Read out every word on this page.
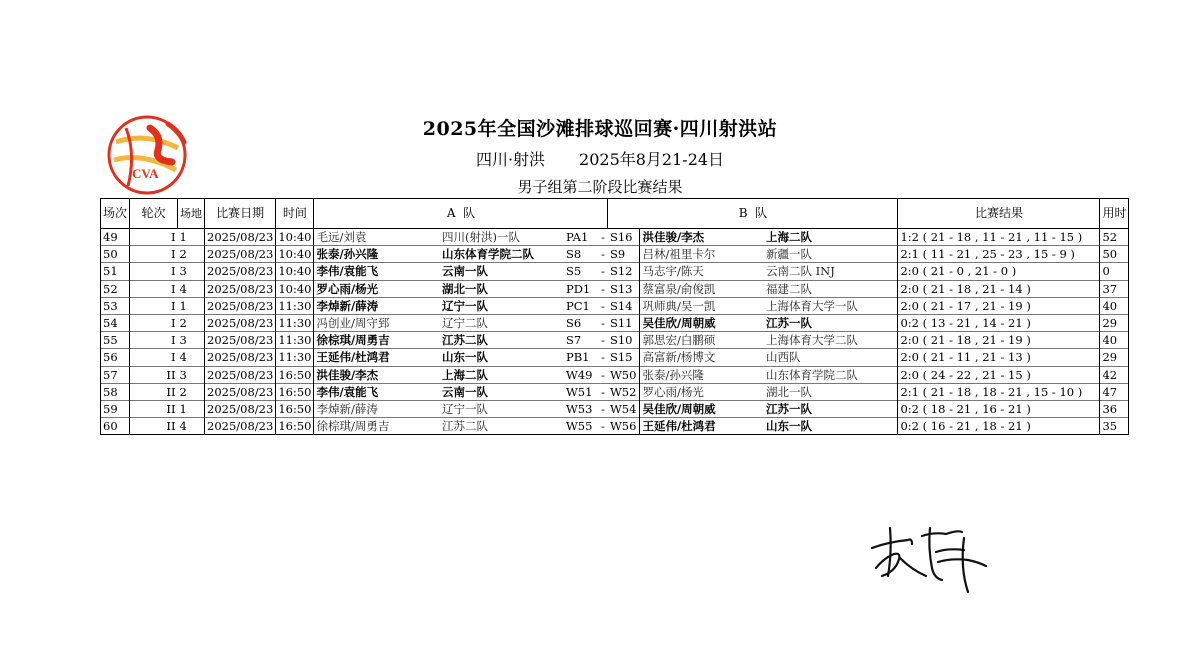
CVA
2025年全国沙滩排球巡回赛·四川射洪站
四川·射洪 2025年8月21-24日
男子组第二阶段比赛结果
场次	轮次	场地	比赛日期	时间	A  队				B  队			比赛结果	用时
49	I	1	2025/08/23	10:40	毛远/刘袁	四川(射洪)一队	PA1	-	S16	洪佳骏/李杰	上海二队	1:2 ( 21 - 18 , 11 - 21 , 11 - 15 )	52
50	I	2	2025/08/23	10:40	张泰/孙兴隆	山东体育学院二队	S8	-	S9	吕林/祖里卡尔	新疆一队	2:1 ( 11 - 21 , 25 - 23 , 15 - 9 )	50
51	I	3	2025/08/23	10:40	李伟/袁能飞	云南一队	S5	-	S12	马志宇/陈天	云南二队 INJ	2:0 ( 21 - 0 , 21 - 0 )	0
52	I	4	2025/08/23	10:40	罗心雨/杨光	湖北一队	PD1	-	S13	蔡富泉/俞俊凯	福建二队	2:0 ( 21 - 18 , 21 - 14 )	37
53	I	1	2025/08/23	11:30	李焯新/薛涛	辽宁一队	PC1	-	S14	巩师典/吴一凯	上海体育大学一队	2:0 ( 21 - 17 , 21 - 19 )	40
54	I	2	2025/08/23	11:30	冯创业/周守郅	辽宁二队	S6	-	S11	吴佳欣/周朝威	江苏一队	0:2 ( 13 - 21 , 14 - 21 )	29
55	I	3	2025/08/23	11:30	徐棕琪/周勇吉	江苏二队	S7	-	S10	郭思宏/白鹏硕	上海体育大学二队	2:0 ( 21 - 18 , 21 - 19 )	40
56	I	4	2025/08/23	11:30	王延伟/杜鸿君	山东一队	PB1	-	S15	高富新/杨博文	山西队	2:0 ( 21 - 11 , 21 - 13 )	29
57	II	3	2025/08/23	16:50	洪佳骏/李杰	上海二队	W49	-	W50	张泰/孙兴隆	山东体育学院二队	2:0 ( 24 - 22 , 21 - 15 )	42
58	II	2	2025/08/23	16:50	李伟/袁能飞	云南一队	W51	-	W52	罗心雨/杨光	湖北一队	2:1 ( 21 - 18 , 18 - 21 , 15 - 10 )	47
59	II	1	2025/08/23	16:50	李焯新/薛涛	辽宁一队	W53	-	W54	吴佳欣/周朝威	江苏一队	0:2 ( 18 - 21 , 16 - 21 )	36
60	II	4	2025/08/23	16:50	徐棕琪/周勇吉	江苏二队	W55	-	W56	王延伟/杜鸿君	山东一队	0:2 ( 16 - 21 , 18 - 21 )	35
